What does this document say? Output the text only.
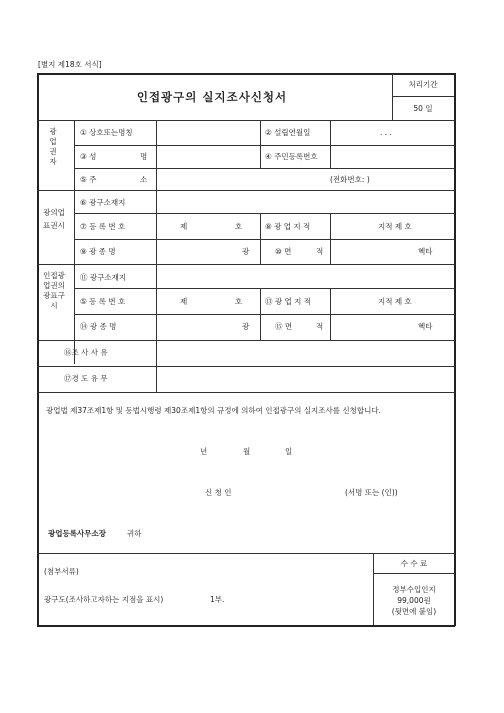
[별지 제18호 서식]
인접광구의 실지조사신청서
처리기간
50 일
광업권자
① 상호또는명칭	② 설립연월일	. . .
③ 성	명	④ 주민등록번호
⑤ 주	소	(전화번호: )
광의업표권시
⑥ 광구소재지
⑦ 등 록 번 호	제	호	⑧ 광 업 지 적	지적 제 호
⑨ 광 종 명	광	⑩ 면	적	헥타
인접광업권의광표구시
⑪ 광구소재지
⑤ 등 록 번 호	제	호	⑬ 광 업 지 적	지적 제 호
⑭ 광 종 명	광	⑮ 면	적	헥타
⑯조 사 사 유
⑰경 도 유 무
광업법 제37조제1항 및 동법시행령 제30조제1항의 규정에 의하여 인접광구의 실지조사를 신청합니다.
년	월	일
신 청 인	(서명 또는 (인))
광업등록사무소장	귀하
(첨부서류)
광구도(조사하고자하는 지점을 표시)	1부.
수 수 료
정부수입인지
99,000원
(뒷면에 붙임)
